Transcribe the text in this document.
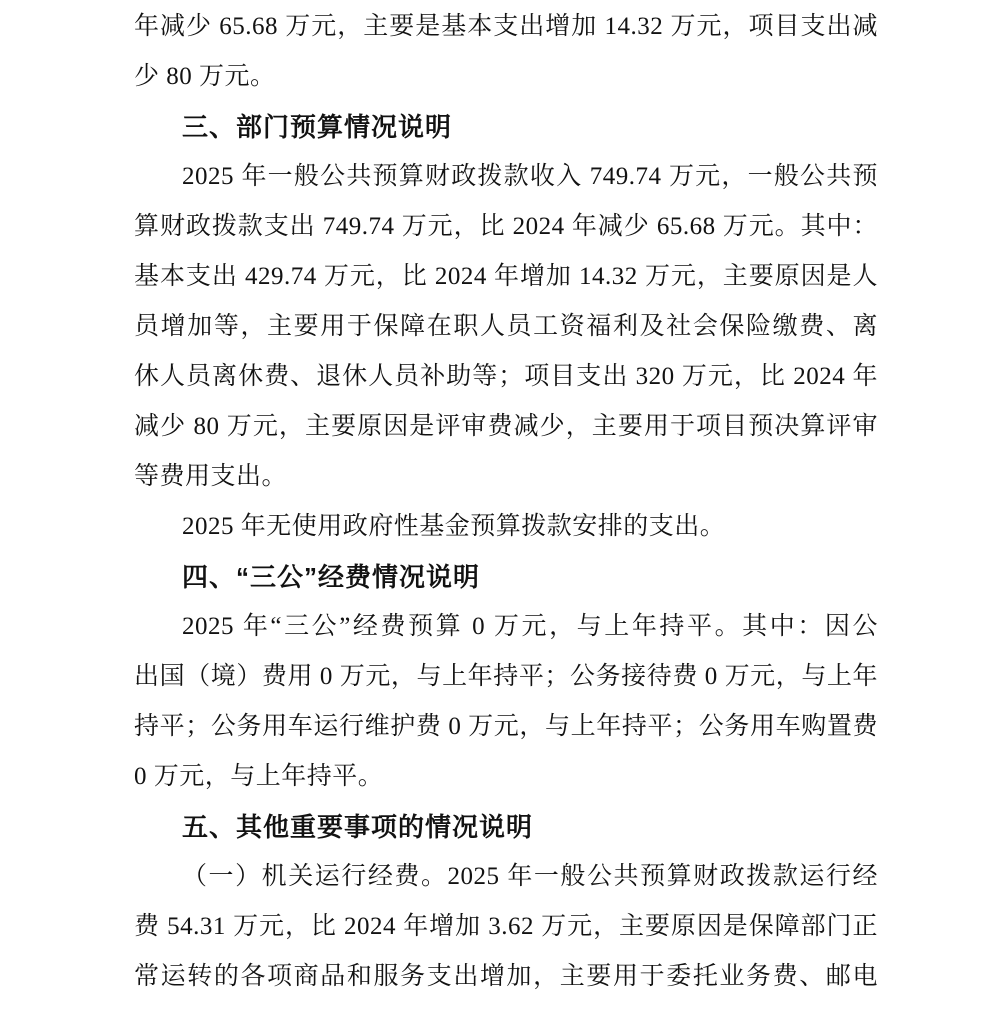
年减少 65.68 万元，主要是基本支出增加 14.32 万元，项目支出减
少 80 万元。
三、部门预算情况说明
2025 年一般公共预算财政拨款收入 749.74 万元，一般公共预
算财政拨款支出 749.74 万元，比 2024 年减少 65.68 万元。其中：
基本支出 429.74 万元，比 2024 年增加 14.32 万元，主要原因是人
员增加等，主要用于保障在职人员工资福利及社会保险缴费、离
休人员离休费、退休人员补助等；项目支出 320 万元，比 2024 年
减少 80 万元，主要原因是评审费减少，主要用于项目预决算评审
等费用支出。
2025 年无使用政府性基金预算拨款安排的支出。
四、“三公”经费情况说明
2025 年“三公”经费预算 0 万元，与上年持平。其中：因公
出国（境）费用 0 万元，与上年持平；公务接待费 0 万元，与上年
持平；公务用车运行维护费 0 万元，与上年持平；公务用车购置费
0 万元，与上年持平。
五、其他重要事项的情况说明
（一）机关运行经费。2025 年一般公共预算财政拨款运行经
费 54.31 万元，比 2024 年增加 3.62 万元，主要原因是保障部门正
常运转的各项商品和服务支出增加，主要用于委托业务费、邮电
